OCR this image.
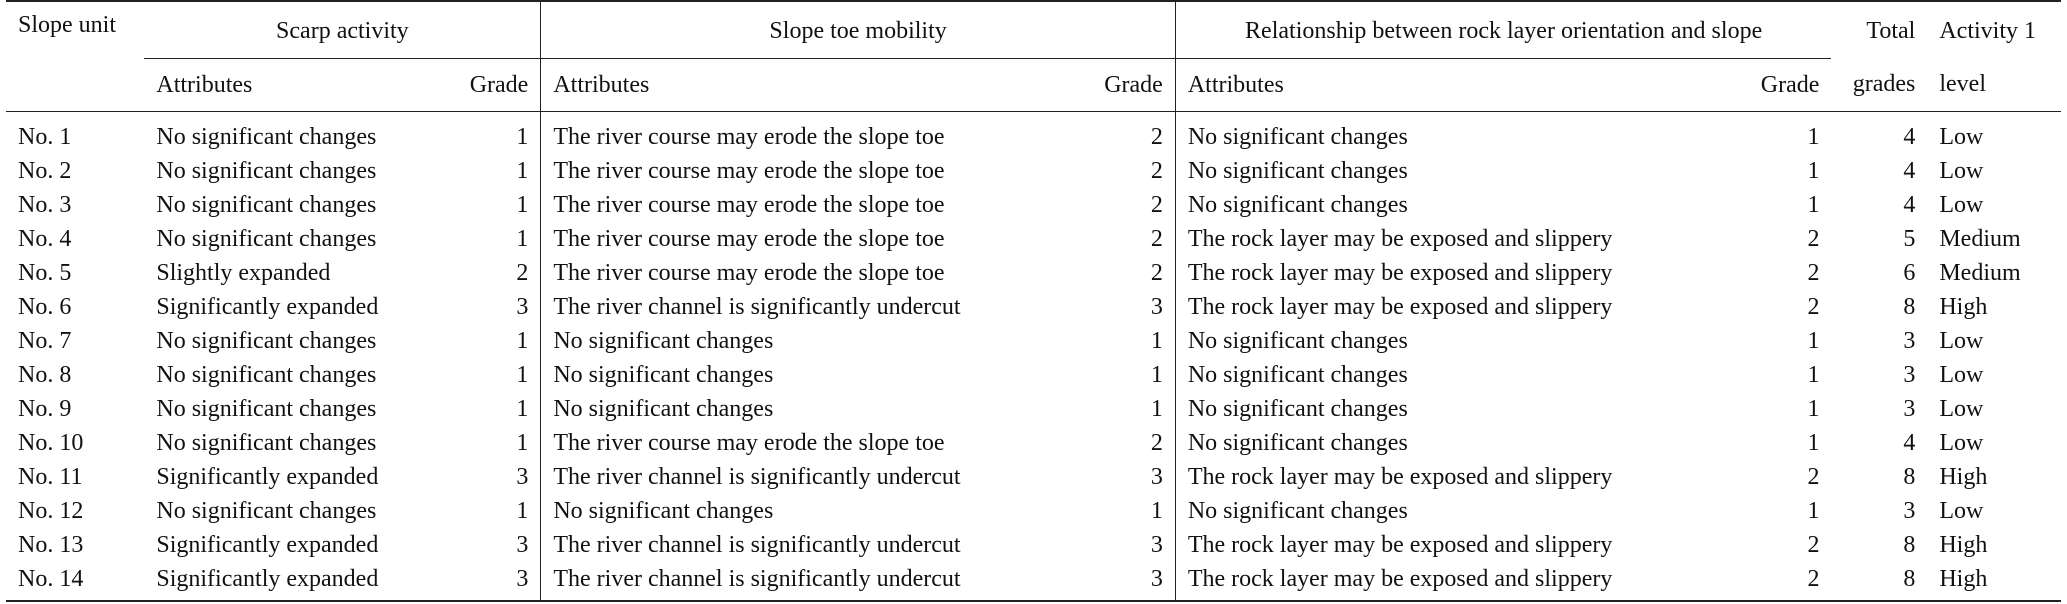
Slope unit	Scarp activity		Slope toe mobility		Relationship between rock layer orientation and slope		Total	Activity 1
	Attributes	Grade	Attributes	Grade	Attributes	Grade	grades	level
No. 1	No significant changes	1	The river course may erode the slope toe	2	No significant changes	1	4	Low
No. 2	No significant changes	1	The river course may erode the slope toe	2	No significant changes	1	4	Low
No. 3	No significant changes	1	The river course may erode the slope toe	2	No significant changes	1	4	Low
No. 4	No significant changes	1	The river course may erode the slope toe	2	The rock layer may be exposed and slippery	2	5	Medium
No. 5	Slightly expanded	2	The river course may erode the slope toe	2	The rock layer may be exposed and slippery	2	6	Medium
No. 6	Significantly expanded	3	The river channel is significantly undercut	3	The rock layer may be exposed and slippery	2	8	High
No. 7	No significant changes	1	No significant changes	1	No significant changes	1	3	Low
No. 8	No significant changes	1	No significant changes	1	No significant changes	1	3	Low
No. 9	No significant changes	1	No significant changes	1	No significant changes	1	3	Low
No. 10	No significant changes	1	The river course may erode the slope toe	2	No significant changes	1	4	Low
No. 11	Significantly expanded	3	The river channel is significantly undercut	3	The rock layer may be exposed and slippery	2	8	High
No. 12	No significant changes	1	No significant changes	1	No significant changes	1	3	Low
No. 13	Significantly expanded	3	The river channel is significantly undercut	3	The rock layer may be exposed and slippery	2	8	High
No. 14	Significantly expanded	3	The river channel is significantly undercut	3	The rock layer may be exposed and slippery	2	8	High
